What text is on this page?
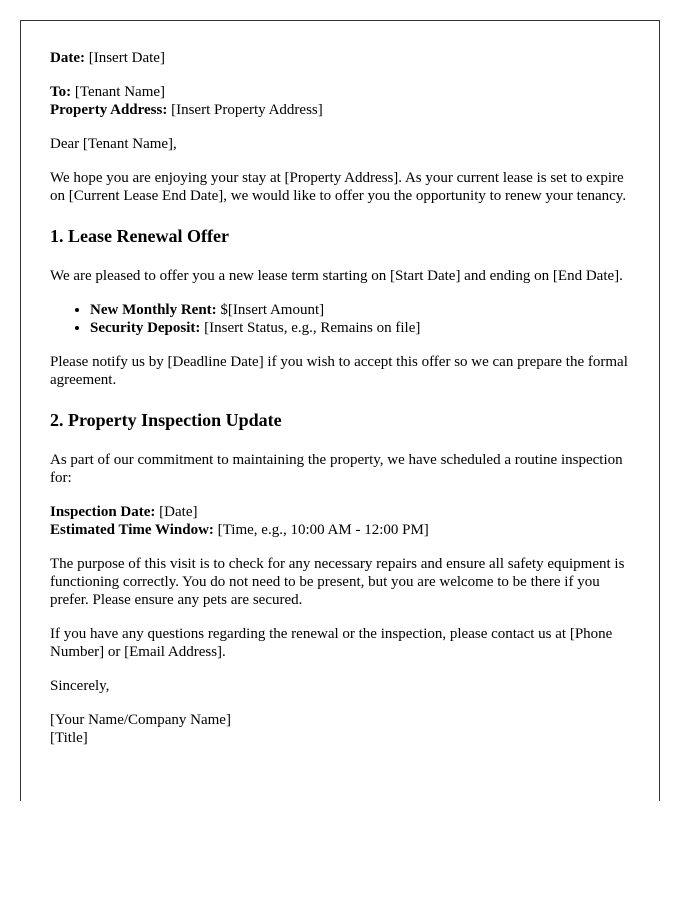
Date: [Insert Date]

To: [Tenant Name]
Property Address: [Insert Property Address]

Dear [Tenant Name],

We hope you are enjoying your stay at [Property Address]. As your current lease is set to expire on [Current Lease End Date], we would like to offer you the opportunity to renew your tenancy.

1. Lease Renewal Offer

We are pleased to offer you a new lease term starting on [Start Date] and ending on [End Date].

• New Monthly Rent: $[Insert Amount]
• Security Deposit: [Insert Status, e.g., Remains on file]

Please notify us by [Deadline Date] if you wish to accept this offer so we can prepare the formal agreement.

2. Property Inspection Update

As part of our commitment to maintaining the property, we have scheduled a routine inspection for:

Inspection Date: [Date]
Estimated Time Window: [Time, e.g., 10:00 AM - 12:00 PM]

The purpose of this visit is to check for any necessary repairs and ensure all safety equipment is functioning correctly. You do not need to be present, but you are welcome to be there if you prefer. Please ensure any pets are secured.

If you have any questions regarding the renewal or the inspection, please contact us at [Phone Number] or [Email Address].

Sincerely,

[Your Name/Company Name]
[Title]
